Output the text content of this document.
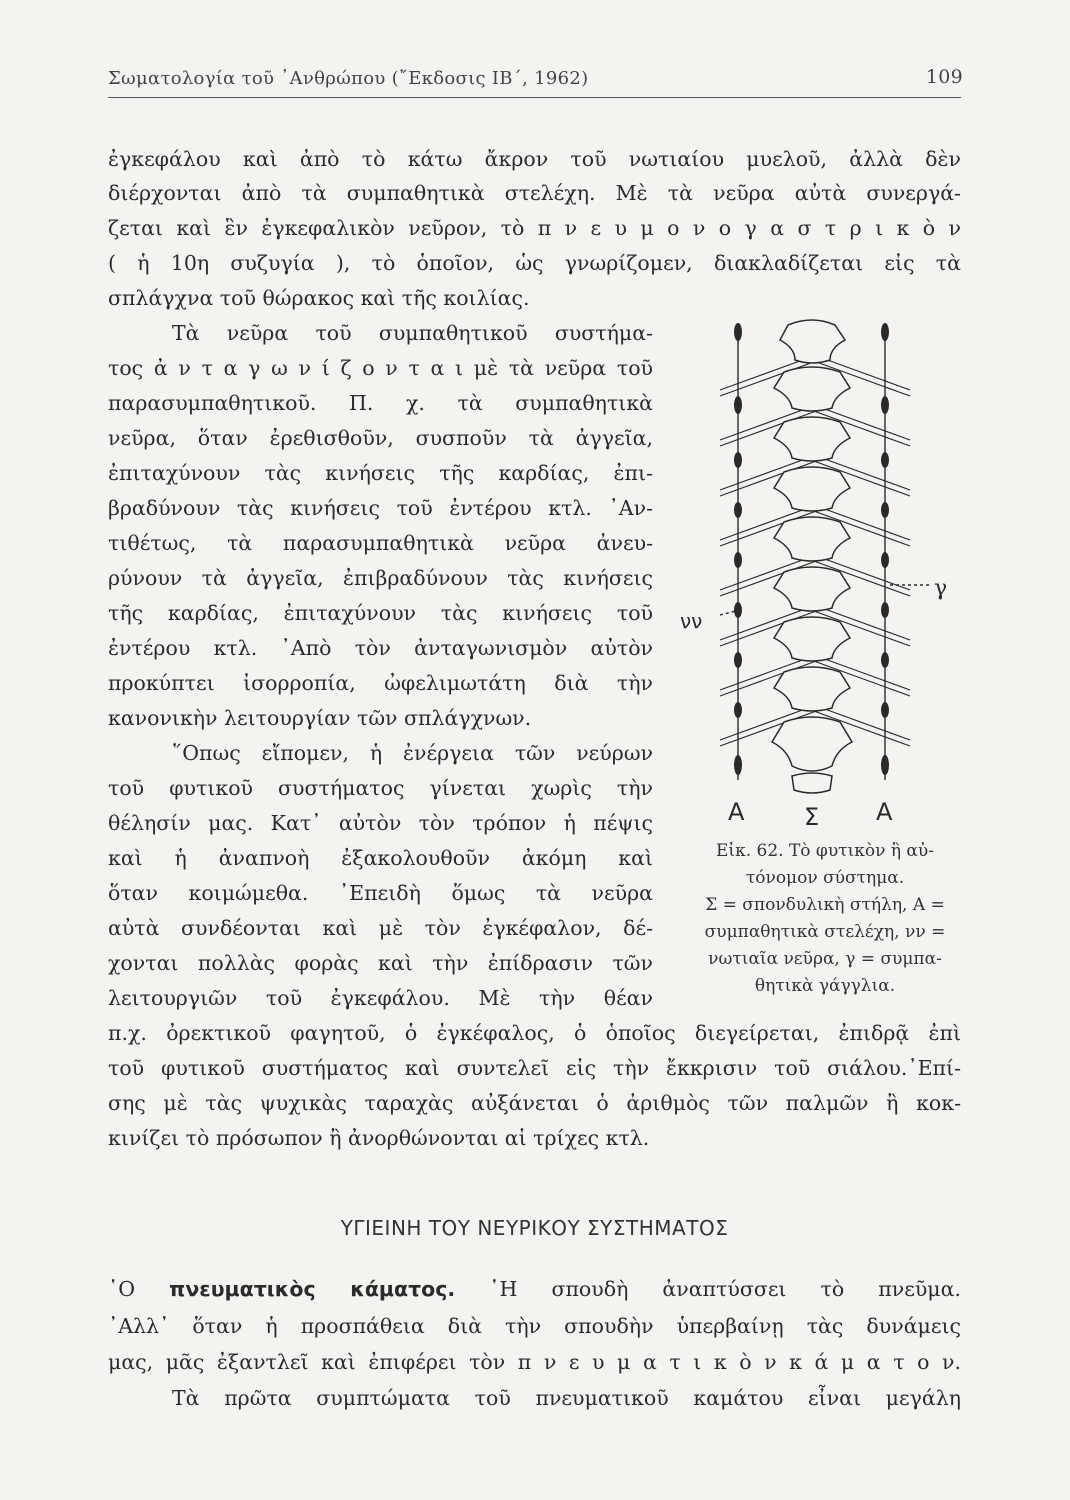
Σωματολογία τοῦ ᾿Ανθρώπου (῎Εκδοσις ΙΒ΄, 1962)	109
ἐγκεφάλου καὶ ἀπὸ τὸ κάτω ἄκρον τοῦ νωτιαίου μυελοῦ, ἀλλὰ δὲν
διέρχονται ἀπὸ τὰ συμπαθητικὰ στελέχη. Μὲ τὰ νεῦρα αὐτὰ συνεργά-
ζεται καὶ ἓν ἐγκεφαλικὸν νεῦρον, τὸ π ν ε υ μ ο ν ο γ α σ τ ρ ι κ ὸ ν
( ἡ 10η συζυγία ), τὸ ὁποῖον, ὡς γνωρίζομεν, διακλαδίζεται εἰς τὰ
σπλάγχνα τοῦ θώρακος καὶ τῆς κοιλίας.
Τὰ νεῦρα τοῦ συμπαθητικοῦ συστήμα-
τος ἀ ν τ α γ ω ν ί ζ ο ν τ α ι μὲ τὰ νεῦρα τοῦ
παρασυμπαθητικοῦ. Π. χ. τὰ συμπαθητικὰ
νεῦρα, ὅταν ἐρεθισθοῦν, συσποῦν τὰ ἀγγεῖα,
ἐπιταχύνουν τὰς κινήσεις τῆς καρδίας, ἐπι-
βραδύνουν τὰς κινήσεις τοῦ ἐντέρου κτλ. ᾿Αν-
τιθέτως, τὰ παρασυμπαθητικὰ νεῦρα ἀνευ-
ρύνουν τὰ ἀγγεῖα, ἐπιβραδύνουν τὰς κινήσεις
τῆς καρδίας, ἐπιταχύνουν τὰς κινήσεις τοῦ
ἐντέρου κτλ. ᾿Απὸ τὸν ἀνταγωνισμὸν αὐτὸν
προκύπτει ἰσορροπία, ὠφελιμωτάτη διὰ τὴν
κανονικὴν λειτουργίαν τῶν σπλάγχνων.
῞Οπως εἴπομεν, ἡ ἐνέργεια τῶν νεύρων
τοῦ φυτικοῦ συστήματος γίνεται χωρὶς τὴν
θέλησίν μας. Κατ᾿ αὐτὸν τὸν τρόπον ἡ πέψις
καὶ ἡ ἀναπνοὴ ἐξακολουθοῦν ἀκόμη καὶ
ὅταν κοιμώμεθα. ᾿Επειδὴ ὅμως τὰ νεῦρα
αὐτὰ συνδέονται καὶ μὲ τὸν ἐγκέφαλον, δέ-
χονται πολλὰς φορὰς καὶ τὴν ἐπίδρασιν τῶν
λειτουργιῶν τοῦ ἐγκεφάλου. Μὲ τὴν θέαν
π.χ. ὀρεκτικοῦ φαγητοῦ, ὁ ἐγκέφαλος, ὁ ὁποῖος διεγείρεται, ἐπιδρᾷ ἐπὶ
τοῦ φυτικοῦ συστήματος καὶ συντελεῖ εἰς τὴν ἔκκρισιν τοῦ σιάλου.᾿Επί-
σης μὲ τὰς ψυχικὰς ταραχὰς αὐξάνεται ὁ ἀριθμὸς τῶν παλμῶν ἢ κοκ-
κινίζει τὸ πρόσωπον ἢ ἀνορθώνονται αἱ τρίχες κτλ.
ΥΓΙΕΙΝΗ ΤΟΥ ΝΕΥΡΙΚΟΥ ΣΥΣΤΗΜΑΤΟΣ
῾Ο πνευματικὸς κάματος. ῾Η σπουδὴ ἀναπτύσσει τὸ πνεῦμα.
᾿Αλλ᾿ ὅταν ἡ προσπάθεια διὰ τὴν σπουδὴν ὑπερβαίνῃ τὰς δυνάμεις
μας, μᾶς ἐξαντλεῖ καὶ ἐπιφέρει τὸν π ν ε υ μ α τ ι κ ὸ ν κ ά μ α τ ο ν.
Τὰ πρῶτα συμπτώματα τοῦ πνευματικοῦ καμάτου εἶναι μεγάλη
νν
γ
Α Σ Α
Εἰκ. 62. Τὸ φυτικὸν ἢ αὐ-
τόνομον σύστημα.
Σ = σπονδυλικὴ στήλη, Α =
συμπαθητικὰ στελέχη, νν =
νωτιαῖα νεῦρα, γ = συμπα-
θητικὰ γάγγλια.
